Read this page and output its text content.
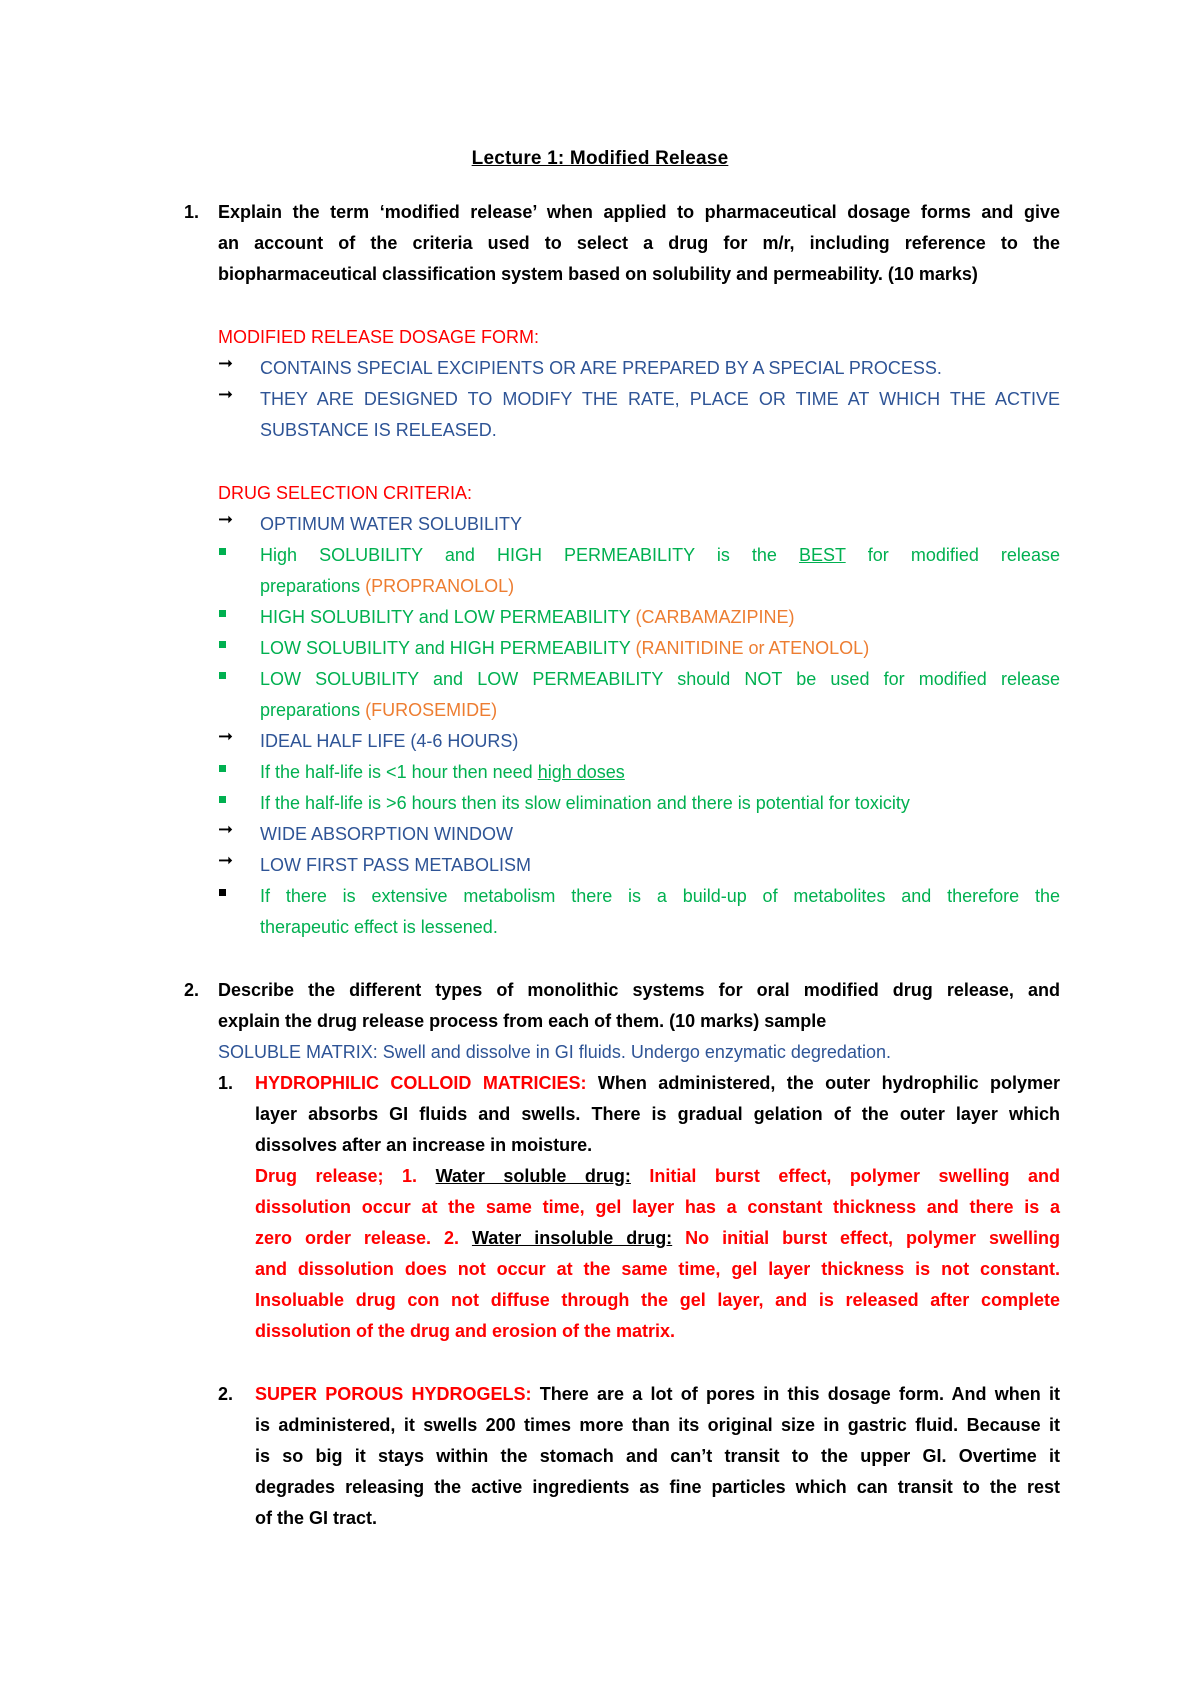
Lecture 1: Modified Release
1. Explain the term ‘modified release’ when applied to pharmaceutical dosage forms and give
an account of the criteria used to select a drug for m/r, including reference to the
biopharmaceutical classification system based on solubility and permeability. (10 marks)
MODIFIED RELEASE DOSAGE FORM:
➞ CONTAINS SPECIAL EXCIPIENTS OR ARE PREPARED BY A SPECIAL PROCESS.
➞ THEY ARE DESIGNED TO MODIFY THE RATE, PLACE OR TIME AT WHICH THE ACTIVE
SUBSTANCE IS RELEASED.
DRUG SELECTION CRITERIA:
➞ OPTIMUM WATER SOLUBILITY
High SOLUBILITY and HIGH PERMEABILITY is the BEST for modified release
preparations (PROPRANOLOL)
HIGH SOLUBILITY and LOW PERMEABILITY (CARBAMAZIPINE)
LOW SOLUBILITY and HIGH PERMEABILITY (RANITIDINE or ATENOLOL)
LOW SOLUBILITY and LOW PERMEABILITY should NOT be used for modified release
preparations (FUROSEMIDE)
➞ IDEAL HALF LIFE (4-6 HOURS)
If the half-life is <1 hour then need high doses
If the half-life is >6 hours then its slow elimination and there is potential for toxicity
➞ WIDE ABSORPTION WINDOW
➞ LOW FIRST PASS METABOLISM
If there is extensive metabolism there is a build-up of metabolites and therefore the
therapeutic effect is lessened.
2. Describe the different types of monolithic systems for oral modified drug release, and
explain the drug release process from each of them. (10 marks) sample
SOLUBLE MATRIX: Swell and dissolve in GI fluids. Undergo enzymatic degredation.
1. HYDROPHILIC COLLOID MATRICIES: When administered, the outer hydrophilic polymer
layer absorbs GI fluids and swells. There is gradual gelation of the outer layer which
dissolves after an increase in moisture.
Drug release; 1. Water soluble drug: Initial burst effect, polymer swelling and
dissolution occur at the same time, gel layer has a constant thickness and there is a
zero order release. 2. Water insoluble drug: No initial burst effect, polymer swelling
and dissolution does not occur at the same time, gel layer thickness is not constant.
Insoluable drug con not diffuse through the gel layer, and is released after complete
dissolution of the drug and erosion of the matrix.
2. SUPER POROUS HYDROGELS: There are a lot of pores in this dosage form. And when it
is administered, it swells 200 times more than its original size in gastric fluid. Because it
is so big it stays within the stomach and can’t transit to the upper GI. Overtime it
degrades releasing the active ingredients as fine particles which can transit to the rest
of the GI tract.
